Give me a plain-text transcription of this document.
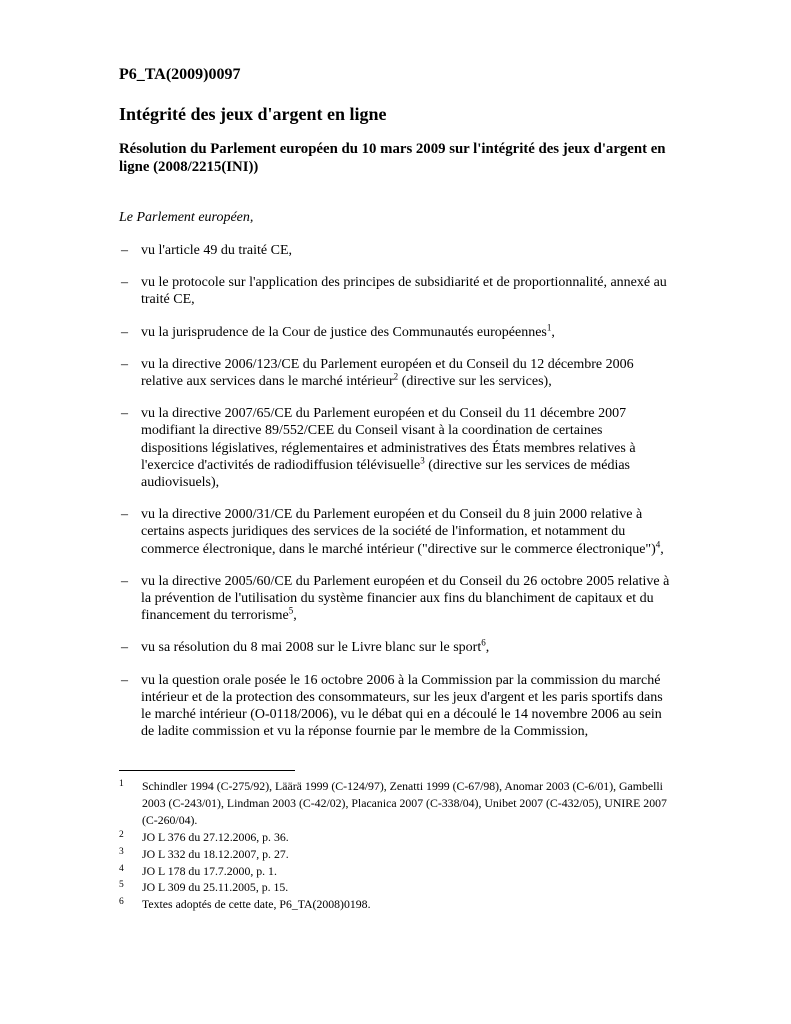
P6_TA(2009)0097
Intégrité des jeux d'argent en ligne
Résolution du Parlement européen du 10 mars 2009 sur l'intégrité des jeux d'argent en ligne (2008/2215(INI))

Le Parlement européen,

– vu l'article 49 du traité CE,
– vu le protocole sur l'application des principes de subsidiarité et de proportionnalité, annexé au traité CE,
– vu la jurisprudence de la Cour de justice des Communautés européennes$^1$,
– vu la directive 2006/123/CE du Parlement européen et du Conseil du 12 décembre 2006 relative aux services dans le marché intérieur$^2$ (directive sur les services),
– vu la directive 2007/65/CE du Parlement européen et du Conseil du 11 décembre 2007 modifiant la directive 89/552/CEE du Conseil visant à la coordination de certaines dispositions législatives, réglementaires et administratives des États membres relatives à l'exercice d'activités de radiodiffusion télévisuelle$^3$ (directive sur les services de médias audiovisuels),
– vu la directive 2000/31/CE du Parlement européen et du Conseil du 8 juin 2000 relative à certains aspects juridiques des services de la société de l'information, et notamment du commerce électronique, dans le marché intérieur ("directive sur le commerce électronique")$^4$,
– vu la directive 2005/60/CE du Parlement européen et du Conseil du 26 octobre 2005 relative à la prévention de l'utilisation du système financier aux fins du blanchiment de capitaux et du financement du terrorisme$^5$,
– vu sa résolution du 8 mai 2008 sur le Livre blanc sur le sport$^6$,
– vu la question orale posée le 16 octobre 2006 à la Commission par la commission du marché intérieur et de la protection des consommateurs, sur les jeux d'argent et les paris sportifs dans le marché intérieur (O-0118/2006), vu le débat qui en a découlé le 14 novembre 2006 au sein de ladite commission et vu la réponse fournie par le membre de la Commission,
1	Schindler 1994 (C-275/92), Läärä 1999 (C-124/97), Zenatti 1999 (C-67/98), Anomar 2003 (C-6/01), Gambelli 2003 (C-243/01), Lindman 2003 (C-42/02), Placanica 2007 (C-338/04), Unibet 2007 (C-432/05), UNIRE 2007 (C-260/04).
2	JO L 376 du 27.12.2006, p. 36.
3	JO L 332 du 18.12.2007, p. 27.
4	JO L 178 du 17.7.2000, p. 1.
5	JO L 309 du 25.11.2005, p. 15.
6	Textes adoptés de cette date, P6_TA(2008)0198.
